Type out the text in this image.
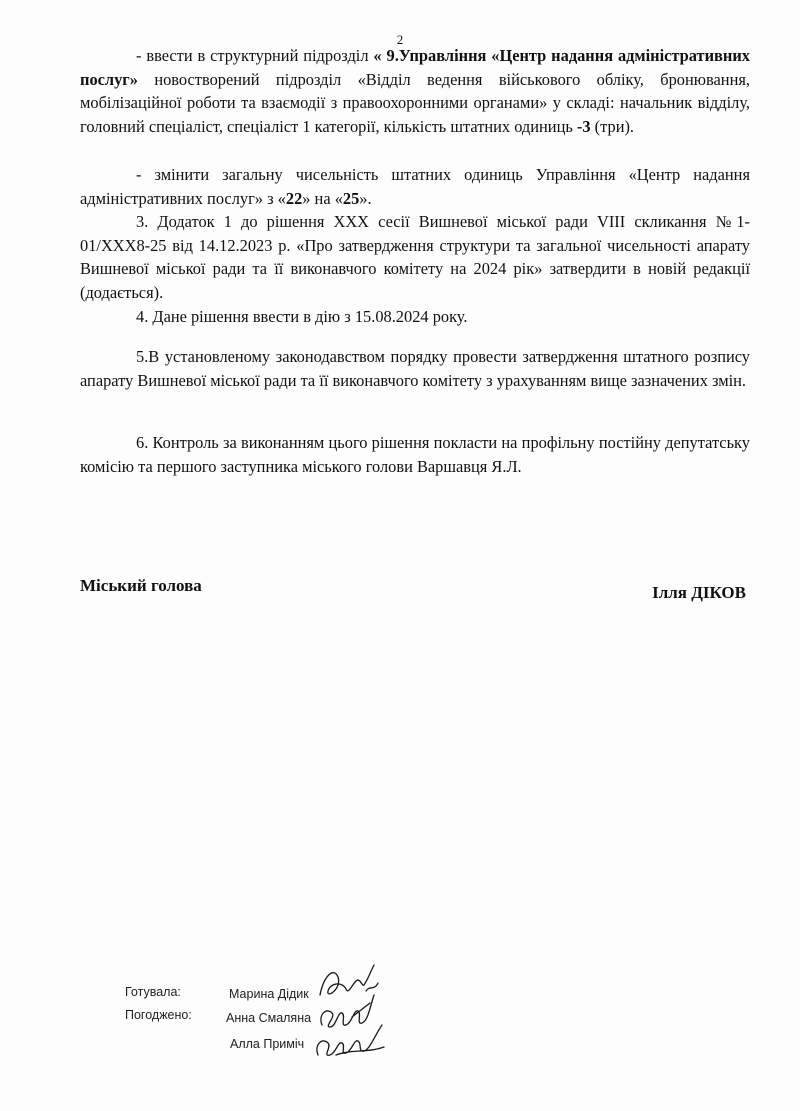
2

- ввести в структурний підрозділ « 9.Управління «Центр надання адміністративних послуг» новостворений підрозділ «Відділ ведення військового обліку, бронювання, мобілізаційної роботи та взаємодії з правоохоронними органами» у складі: начальник відділу, головний спеціаліст, спеціаліст 1 категорії, кількість штатних одиниць -3 (три).

- змінити загальну чисельність штатних одиниць Управління «Центр надання адміністративних послуг» з «22» на «25».

3. Додаток 1 до рішення XXX сесії Вишневої міської ради VIII скликання №1-01/XXX8-25 від 14.12.2023 р. «Про затвердження структури та загальної чисельності апарату Вишневої міської ради та її виконавчого комітету на 2024 рік» затвердити в новій редакції (додається).

4. Дане рішення ввести в дію з 15.08.2024 року.

5.В установленому законодавством порядку провести затвердження штатного розпису апарату Вишневої міської ради та її виконавчого комітету з урахуванням вище зазначених змін.

6. Контроль за виконанням цього рішення покласти на профільну постійну депутатську комісію та першого заступника міського голови Варшавця Я.Л.

Міський голова	Ілля ДІКОВ
Готувала:
Погоджено:
Марина Дідик
Анна Смаляна
Алла Приміч
